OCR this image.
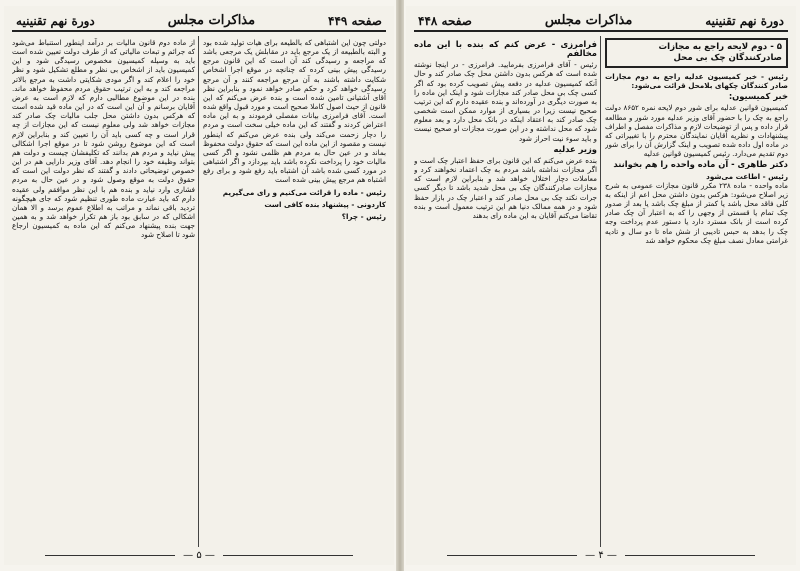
صفحه ۴۴۹
مذاكرات مجلس
دورة نهم تقنينيه
دولتی چون این اشتباهی که بالطیعه برای هیات تولید شده بود و البته بالطبیعه از یک مرجع باید در مقابلش یک مرجعی باشد که مراجعه و رسیدگی کند آن است که این قانون مرجع رسیدگی پیش بینی کرده که چنانچه در موقع اجرا اشخاص شکایت داشته باشند به آن مرجع مراجعه کنند و آن مرجع رسیدگی خواهد کرد و حکم صادر خواهد نمود و بنابراین نظر آقای آشتیانی تامین شده است و بنده عرض می‌کنم که این قانون از حیث اصول کاملا صحیح است و مورد قبول واقع شده است. آقای فرامرزی بیانات مفصلی فرمودند و به این ماده اعتراض کردند و گفتند که این ماده خیلی سخت است و مردم را دچار زحمت می‌کند ولی بنده عرض می‌کنم که اینطور نیست و مقصود از این ماده این است که حقوق دولت محفوظ بماند و در عین حال به مردم هم ظلمی نشود و اگر کسی مالیات خود را پرداخت نکرده باشد باید بپردازد و اگر اشتباهی در مورد کسی شده باشد آن اشتباه باید رفع شود و برای رفع اشتباه هم مرجع پیش بینی شده است
رئیس - ماده را قرائت می‌کنیم و رای می‌گیریم
کاردونی - پیشنهاد بنده کافی است
رئیس - چرا؟
از ماده دوم قانون مالیات بر درآمد اینطور استنباط می‌شود که جرائم و تبعات مالیاتی که از طرف دولت تعیین شده است باید به وسیله کمیسیون مخصوص رسیدگی شود و این کمیسیون باید از اشخاص بی نظر و مطلع تشکیل شود و نظر خود را اعلام کند و اگر مودی شکایتی داشت به مرجع بالاتر مراجعه کند و به این ترتیب حقوق مردم محفوظ خواهد ماند. بنده در این موضوع مطالبی دارم که لازم است به عرض آقایان برسانم و آن این است که در این ماده قید شده است که هرکس بدون داشتن محل جلب مالیات چک صادر کند مجازات خواهد شد ولی معلوم نیست که این مجازات از چه قرار است و چه کسی باید آن را تعیین کند و بنابراین لازم است که این موضوع روشن شود تا در موقع اجرا اشکالی پیش نیاید و مردم هم بدانند که تکلیفشان چیست و دولت هم بتواند وظیفه خود را انجام دهد. آقای وزیر دارایی هم در این خصوص توضیحاتی دادند و گفتند که نظر دولت این است که حقوق دولت به موقع وصول شود و در عین حال به مردم فشاری وارد نیاید و بنده هم با این نظر موافقم ولی عقیده دارم که باید عبارت ماده طوری تنظیم شود که جای هیچگونه تردید باقی نماند و مراتب به اطلاع عموم برسد و الا همان اشکالی که در سابق بود باز هم تکرار خواهد شد و به همین جهت بنده پیشنهاد می‌کنم که این ماده به کمیسیون ارجاع شود تا اصلاح شود
— ۵ —
دورة نهم تقنينيه
مذاكرات مجلس
صفحه ۴۴۸
۵ - دوم لایحه راجع به مجازات صادرکنندگان چک بی محل
رئیس - خبر کمیسیون عدلیه راجع به دوم مجازات صادر کنندگان چکهای بلامحل قرائت می‌شود:
خبر کمیسیون:
کمیسیون قوانین عدلیه برای شور دوم لایحه نمره ۸۶۵۲ دولت راجع به چک را با حضور آقای وزیر عدلیه مورد شور و مطالعه قرار داده و پس از توضیحات لازم و مذاکرات مفصل و اطراف پیشنهادات و نظریه آقایان نمایندگان محترم را با تغییراتی که در ماده اول داده شده تصویب و اینک گزارش آن را برای شور دوم تقدیم می‌دارد. رئیس کمیسیون قوانین عدلیه
دکتر طاهری - آن ماده واحده را هم بخوانند
رئیس - اطاعت می‌شود
ماده واحده - ماده ۲۳۸ مکرر قانون مجازات عمومی به شرح زیر اصلاح می‌شود: هرکس بدون داشتن محل اعم از اینکه به کلی فاقد محل باشد یا کمتر از مبلغ چک باشد یا بعد از صدور چک تمام یا قسمتی از وجهی را که به اعتبار آن چک صادر کرده است از بانک مسترد دارد یا دستور عدم پرداخت وجه چک را بدهد به حبس تادیبی از شش ماه تا دو سال و تادیه غرامتی معادل نصف مبلغ چک محکوم خواهد شد
فرامرزی - عرض کنم که بنده با این ماده مخالفم
رئیس - آقای فرامرزی بفرمایید. فرامرزی - در اینجا نوشته شده است که هرکس بدون داشتن محل چک صادر کند و حال آنکه کمیسیون عدلیه در دفعه پیش تصویب کرده بود که اگر کسی چک بی محل صادر کند مجازات شود و اینک این ماده را به صورت دیگری در آورده‌اند و بنده عقیده دارم که این ترتیب صحیح نیست زیرا در بسیاری از موارد ممکن است شخصی چک صادر کند به اعتقاد اینکه در بانک محل دارد و بعد معلوم شود که محل نداشته و در این صورت مجازات او صحیح نیست و باید سوء نیت احراز شود
وزیر عدلیه
بنده عرض می‌کنم که این قانون برای حفظ اعتبار چک است و اگر مجازات نداشته باشد مردم به چک اعتماد نخواهند کرد و معاملات دچار اختلال خواهد شد و بنابراین لازم است که مجازات صادرکنندگان چک بی محل شدید باشد تا دیگر کسی جرات نکند چک بی محل صادر کند و اعتبار چک در بازار حفظ شود و در همه ممالک دنیا هم این ترتیب معمول است و بنده تقاضا می‌کنم آقایان به این ماده رای بدهند
— ۴ —
